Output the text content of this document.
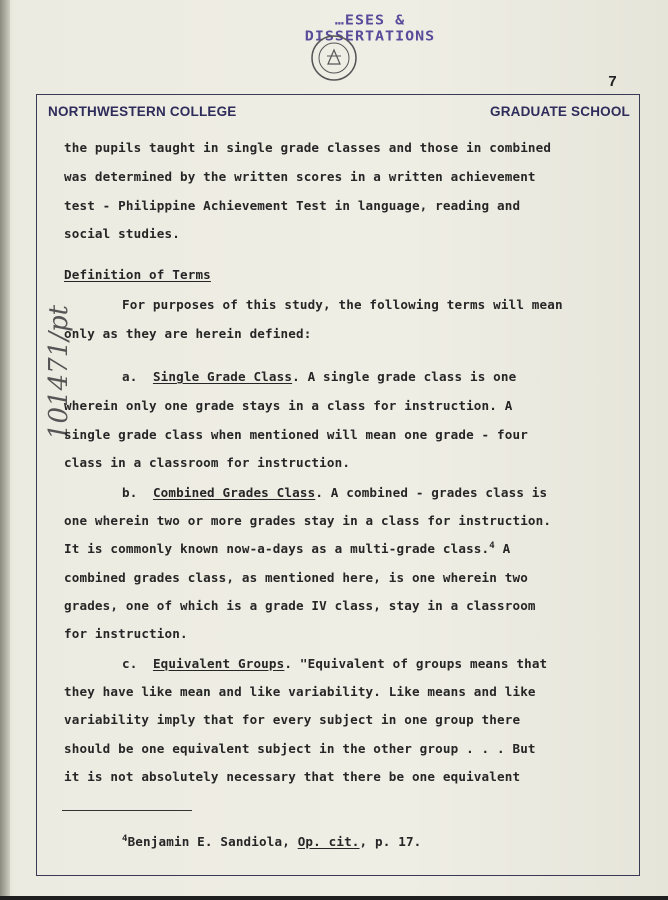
…ESES & DISSERTATIONS
7
NORTHWESTERN COLLEGE	GRADUATE SCHOOL
101471/pt
the pupils taught in single grade classes and those in combined
was determined by the written scores in a written achievement
test - Philippine Achievement Test in language, reading and
social studies.
Definition of Terms
For purposes of this study, the following terms will mean
only as they are herein defined:
a. Single Grade Class. A single grade class is one
wherein only one grade stays in a class for instruction. A
single grade class when mentioned will mean one grade - four
class in a classroom for instruction.
b. Combined Grades Class. A combined - grades class is
one wherein two or more grades stay in a class for instruction.
It is commonly known now-a-days as a multi-grade class.$^4$ A
combined grades class, as mentioned here, is one wherein two
grades, one of which is a grade IV class, stay in a classroom
for instruction.
c. Equivalent Groups. "Equivalent of groups means that
they have like mean and like variability. Like means and like
variability imply that for every subject in one group there
should be one equivalent subject in the other group . . . But
it is not absolutely necessary that there be one equivalent
$^4$Benjamin E. Sandiola, Op. cit., p. 17.
